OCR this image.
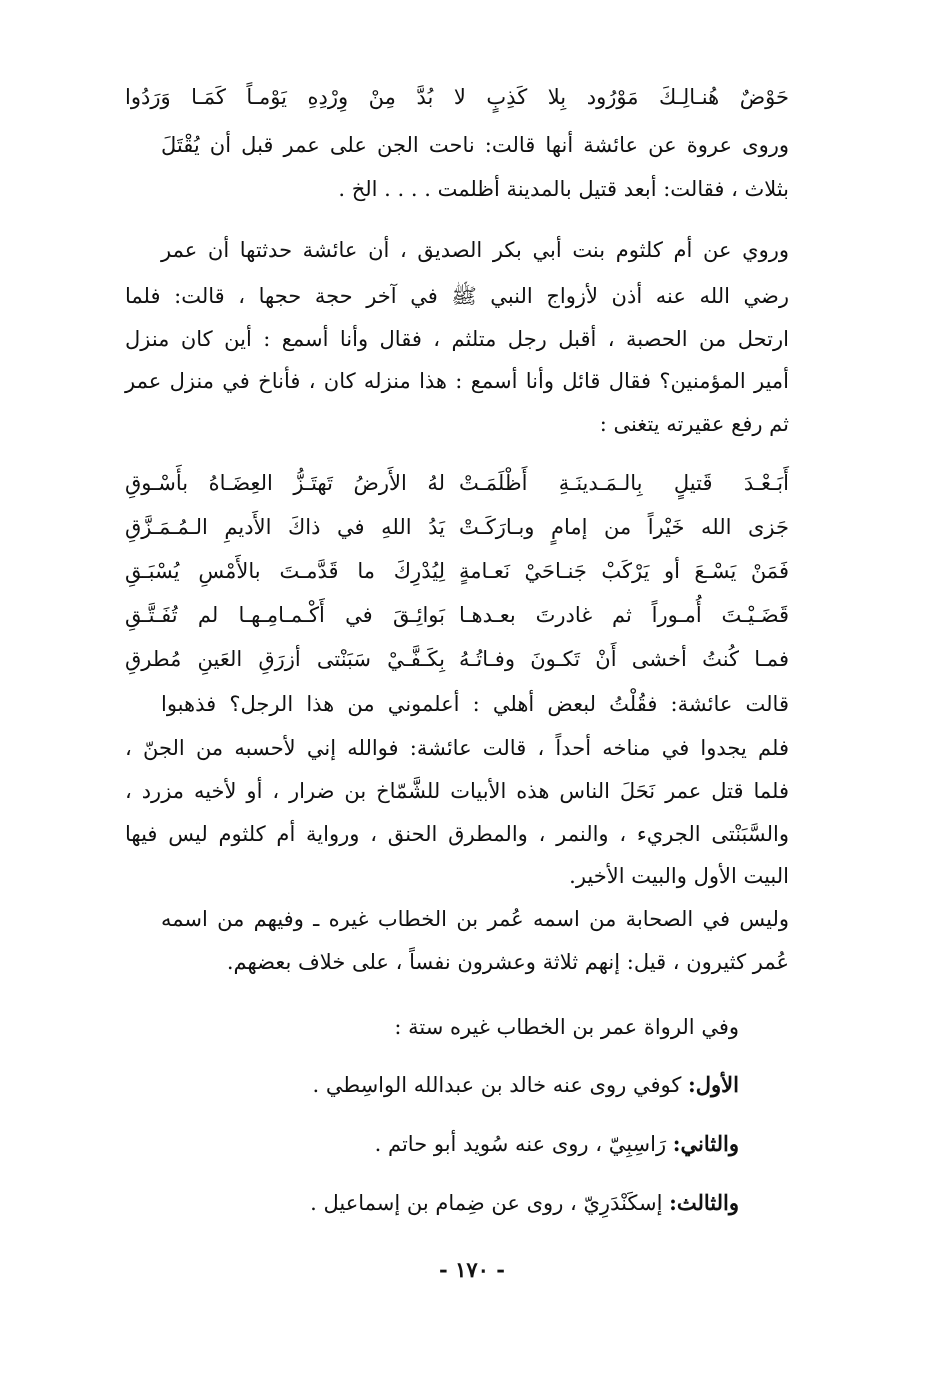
حَوْضٌ هُنـالِـكَ مَوْرُود بِلا كَذِبٍ لا بُدَّ مِنْ وِرْدِهِ يَوْمـاً كَمَـا وَرَدُوا
وروى عروة عن عائشة أنها قالت: ناحت الجن على عمر قبل أن يُقْتَلَ
بثلاث ، فقالت: أبعد قتيل بالمدينة أظلمت . . . . الخ .
وروي عن أم كلثوم بنت أبي بكر الصديق ، أن عائشة حدثتها أن عمر
رضي الله عنه أذن لأزواج النبي ﷺ في آخر حجة حجها ، قالت: فلما
ارتحل من الحصبة ، أقبل رجل متلثم ، فقال وأنا أسمع : أين كان منزل
أمير المؤمنين؟ فقال قائل وأنا أسمع : هذا منزله كان ، فأناخ في منزل عمر
ثم رفع عقيرته يتغنى :
أَبَـعْـدَ قَتيلٍ بِالـمَـدينَـةِ أَظْلَمَـتْ
لهُ الأَرضُ تَهتَـزُّ العِضَـاهُ بأَسْـوقِ
جَزى الله خَيْراً من إمامٍ وبـارَكَـتْ
يَدُ اللهِ في ذاكَ الأَديمِ الـمُـمَـزَّقِ
فَمَنْ يَسْـعَ أو يَرْكَبْ جَنـاحَيْ نَعـامةٍ
لِيُدْرِكَ ما قَدَّمـتَ بالأَمْسِ يُسْبَـقِ
قَضَـيْـتَ أُمـوراً ثم غادرتَ بعـدهـا
بَوائِـقَ في أَكْـمـامِـهـا لم تُفَـتَّـقِ
فمـا كُنتُ أخشى أَنْ تَكـونَ وفـاتُـهُ
بِكَـفَّـيْ سَبَنْتى أزرَقِ العَينِ مُطرقِ
قالت عائشة: فقُلْتُ لبعض أهلي : أعلموني من هذا الرجل؟ فذهبوا
فلم يجدوا في مناخه أحداً ، قالت عائشة: فوالله إني لأحسبه من الجنّ ،
فلما قتل عمر نَحَلَ الناس هذه الأبيات للشَّمّاخ بن ضرار ، أو لأخيه مزرد ،
والسَّبَنْتى الجريء ، والنمر ، والمطرق الحنق ، ورواية أم كلثوم ليس فيها
البيت الأول والبيت الأخير.
وليس في الصحابة من اسمه عُمر بن الخطاب غيره ـ وفيهم من اسمه
عُمر كثيرون ، قيل: إنهم ثلاثة وعشرون نفساً ، على خلاف بعضهم.
وفي الرواة عمر بن الخطاب غيره ستة :
الأول: كوفي روى عنه خالد بن عبدالله الواسِطي .
والثاني: رَاسِبِيّ ، روى عنه سُويد أبو حاتم .
والثالث: إسكَنْدَرِيّ ، روى عن ضِمام بن إسماعيل .
- ١٧٠ -
